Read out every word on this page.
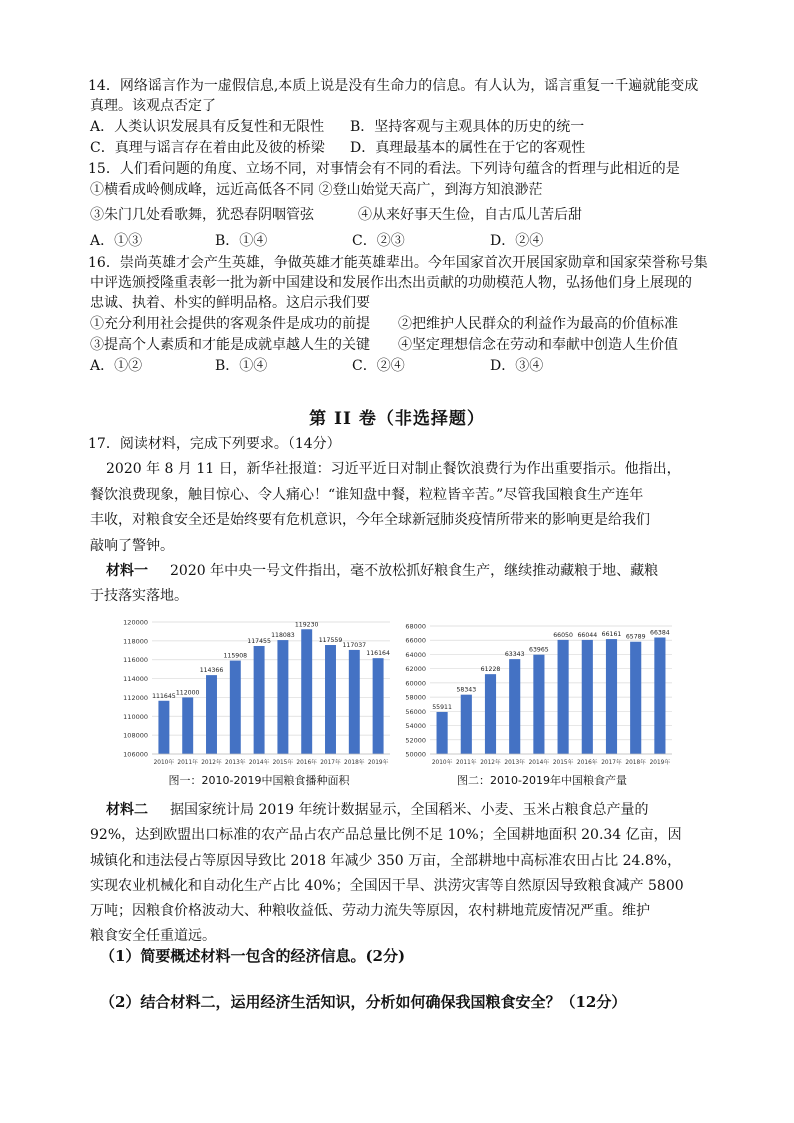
14．网络谣言作为一虚假信息,本质上说是没有生命力的信息。有人认为，谣言重复一千遍就能变成
真理。该观点否定了
A．人类认识发展具有反复性和无限性 B．坚持客观与主观具体的历史的统一
C．真理与谣言存在着由此及彼的桥梁 D．真理最基本的属性在于它的客观性
15．人们看问题的角度、立场不同，对事情会有不同的看法。下列诗句蕴含的哲理与此相近的是
①横看成岭侧成峰，远近高低各不同 ②登山始觉天高广，到海方知浪渺茫
③朱门几处看歌舞，犹恐春阴咽管弦	④从来好事天生俭，自古瓜儿苦后甜
A．①③	B．①④	C．②③	D．②④
16．崇尚英雄才会产生英雄，争做英雄才能英雄辈出。今年国家首次开展国家勋章和国家荣誉称号集
中评选颁授隆重表彰一批为新中国建设和发展作出杰出贡献的功勋模范人物，弘扬他们身上展现的
忠诚、执着、朴实的鲜明品格。这启示我们要
①充分利用社会提供的客观条件是成功的前提 ②把维护人民群众的利益作为最高的价值标准
③提高个人素质和才能是成就卓越人生的关键 ④坚定理想信念在劳动和奉献中创造人生价值
A．①②	B．①④	C．②④	D．③④
第 II 卷（非选择题）
17．阅读材料，完成下列要求。（14分）
2020 年 8 月 11 日，新华社报道：习近平近日对制止餐饮浪费行为作出重要指示。他指出，
餐饮浪费现象，触目惊心、令人痛心！“谁知盘中餐，粒粒皆辛苦。”尽管我国粮食生产连年
丰收，对粮食安全还是始终要有危机意识，今年全球新冠肺炎疫情所带来的影响更是给我们
敲响了警钟。
材料一 2020 年中央一号文件指出，毫不放松抓好粮食生产，继续推动藏粮于地、藏粮
于技落实落地。
106000
108000
110000
112000
114000
116000
118000
120000
111645
2010年
112000
2011年
114366
2012年
115908
2013年
117455
2014年
118083
2015年
119230
2016年
117559
2017年
117037
2018年
116164
2019年
图一：2010-2019中国粮食播种面积
50000
52000
54000
56000
58000
60000
62000
64000
66000
68000
55911
2010年
58343
2011年
61228
2012年
63343
2013年
63965
2014年
66050
2015年
66044
2016年
66161
2017年
65789
2018年
66384
2019年
图二：2010-2019年中国粮食产量
材料二 据国家统计局 2019 年统计数据显示，全国稻米、小麦、玉米占粮食总产量的
92%，达到欧盟出口标准的农产品占农产品总量比例不足 10%；全国耕地面积 20.34 亿亩，因
城镇化和违法侵占等原因导致比 2018 年减少 350 万亩，全部耕地中高标准农田占比 24.8%，
实现农业机械化和自动化生产占比 40%；全国因干旱、洪涝灾害等自然原因导致粮食减产 5800
万吨；因粮食价格波动大、种粮收益低、劳动力流失等原因，农村耕地荒废情况严重。维护
粮食安全任重道远。
（1）简要概述材料一包含的经济信息。(2分)
（2）结合材料二，运用经济生活知识，分析如何确保我国粮食安全？（12分）
